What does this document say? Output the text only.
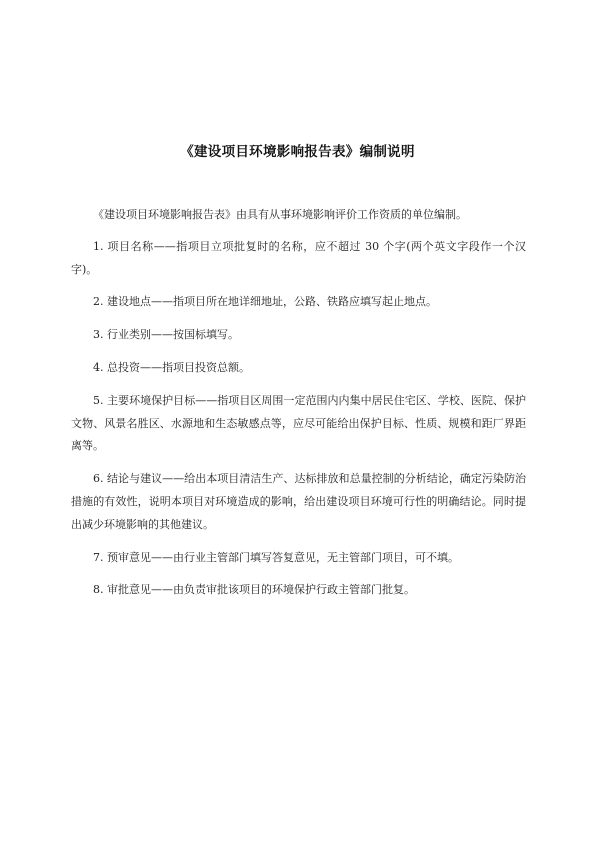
《建设项目环境影响报告表》编制说明

《建设项目环境影响报告表》由具有从事环境影响评价工作资质的单位编制。

1. 项目名称——指项目立项批复时的名称，应不超过 30 个字(两个英文字段作一个汉字)。

2. 建设地点——指项目所在地详细地址，公路、铁路应填写起止地点。

3. 行业类别——按国标填写。

4. 总投资——指项目投资总额。

5. 主要环境保护目标——指项目区周围一定范围内内集中居民住宅区、学校、医院、保护文物、风景名胜区、水源地和生态敏感点等，应尽可能给出保护目标、性质、规模和距厂界距离等。

6. 结论与建议——给出本项目清洁生产、达标排放和总量控制的分析结论，确定污染防治措施的有效性，说明本项目对环境造成的影响，给出建设项目环境可行性的明确结论。同时提出减少环境影响的其他建议。

7. 预审意见——由行业主管部门填写答复意见，无主管部门项目，可不填。

8. 审批意见——由负责审批该项目的环境保护行政主管部门批复。
